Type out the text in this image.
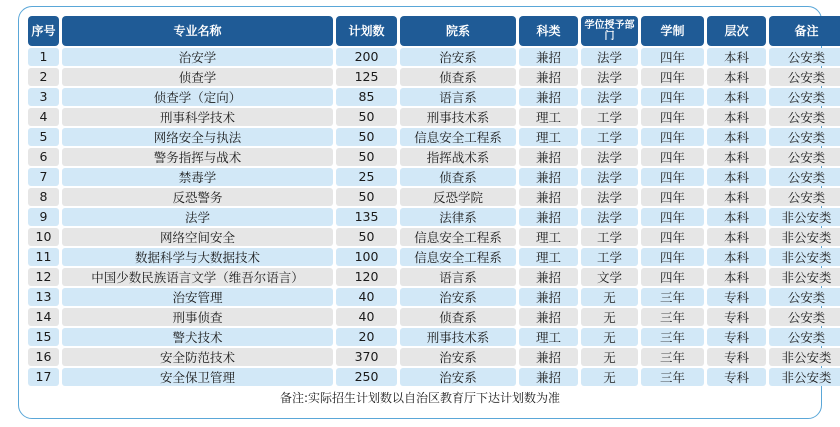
序号	专业名称	计划数	院系	科类	学位授予部门	学制	层次	备注
1	治安学	200	治安系	兼招	法学	四年	本科	公安类
2	侦查学	125	侦查系	兼招	法学	四年	本科	公安类
3	侦查学（定向）	85	语言系	兼招	法学	四年	本科	公安类
4	刑事科学技术	50	刑事技术系	理工	工学	四年	本科	公安类
5	网络安全与执法	50	信息安全工程系	理工	工学	四年	本科	公安类
6	警务指挥与战术	50	指挥战术系	兼招	法学	四年	本科	公安类
7	禁毒学	25	侦查系	兼招	法学	四年	本科	公安类
8	反恐警务	50	反恐学院	兼招	法学	四年	本科	公安类
9	法学	135	法律系	兼招	法学	四年	本科	非公安类
10	网络空间安全	50	信息安全工程系	理工	工学	四年	本科	非公安类
11	数据科学与大数据技术	100	信息安全工程系	理工	工学	四年	本科	非公安类
12	中国少数民族语言文学（维吾尔语言）	120	语言系	兼招	文学	四年	本科	非公安类
13	治安管理	40	治安系	兼招	无	三年	专科	公安类
14	刑事侦查	40	侦查系	兼招	无	三年	专科	公安类
15	警犬技术	20	刑事技术系	理工	无	三年	专科	公安类
16	安全防范技术	370	治安系	兼招	无	三年	专科	非公安类
17	安全保卫管理	250	治安系	兼招	无	三年	专科	非公安类
备注:实际招生计划数以自治区教育厅下达计划数为准
